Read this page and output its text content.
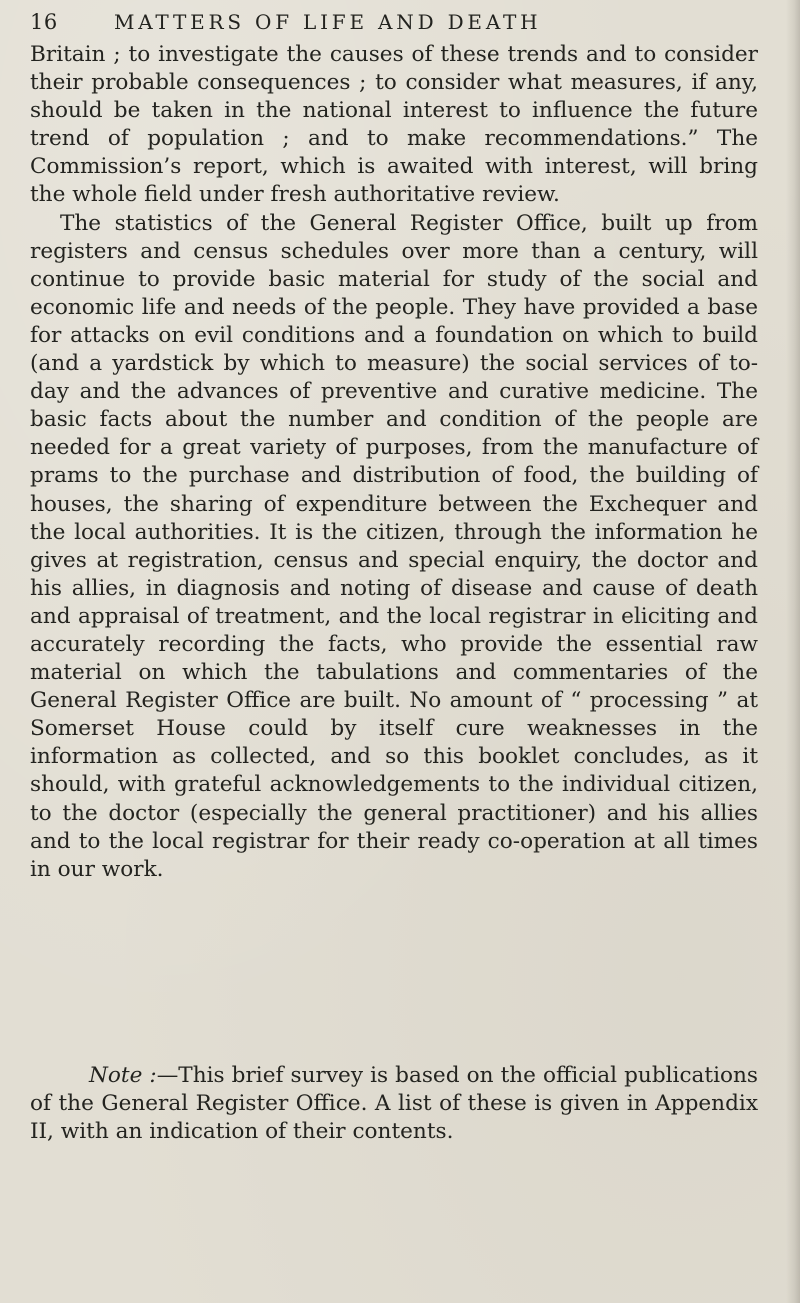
16	MATTERS OF LIFE AND DEATH

Britain ; to investigate the causes of these trends and to consider their probable consequences ; to consider what measures, if any, should be taken in the national interest to influence the future trend of population ; and to make recommendations.” The Commission’s report, which is awaited with interest, will bring the whole field under fresh authoritative review.

The statistics of the General Register Office, built up from registers and census schedules over more than a century, will continue to provide basic material for study of the social and economic life and needs of the people. They have provided a base for attacks on evil conditions and a foundation on which to build (and a yardstick by which to measure) the social services of to-day and the advances of preventive and curative medicine. The basic facts about the number and condition of the people are needed for a great variety of purposes, from the manufacture of prams to the purchase and distribution of food, the building of houses, the sharing of expenditure between the Exchequer and the local authorities. It is the citizen, through the information he gives at registration, census and special enquiry, the doctor and his allies, in diagnosis and noting of disease and cause of death and appraisal of treatment, and the local registrar in eliciting and accurately recording the facts, who provide the essential raw material on which the tabulations and commentaries of the General Register Office are built. No amount of “ processing ” at Somerset House could by itself cure weaknesses in the information as collected, and so this booklet concludes, as it should, with grateful acknowledgements to the individual citizen, to the doctor (especially the general practitioner) and his allies and to the local registrar for their ready co-operation at all times in our work.

Note :—This brief survey is based on the official publications of the General Register Office. A list of these is given in Appendix II, with an indication of their contents.
